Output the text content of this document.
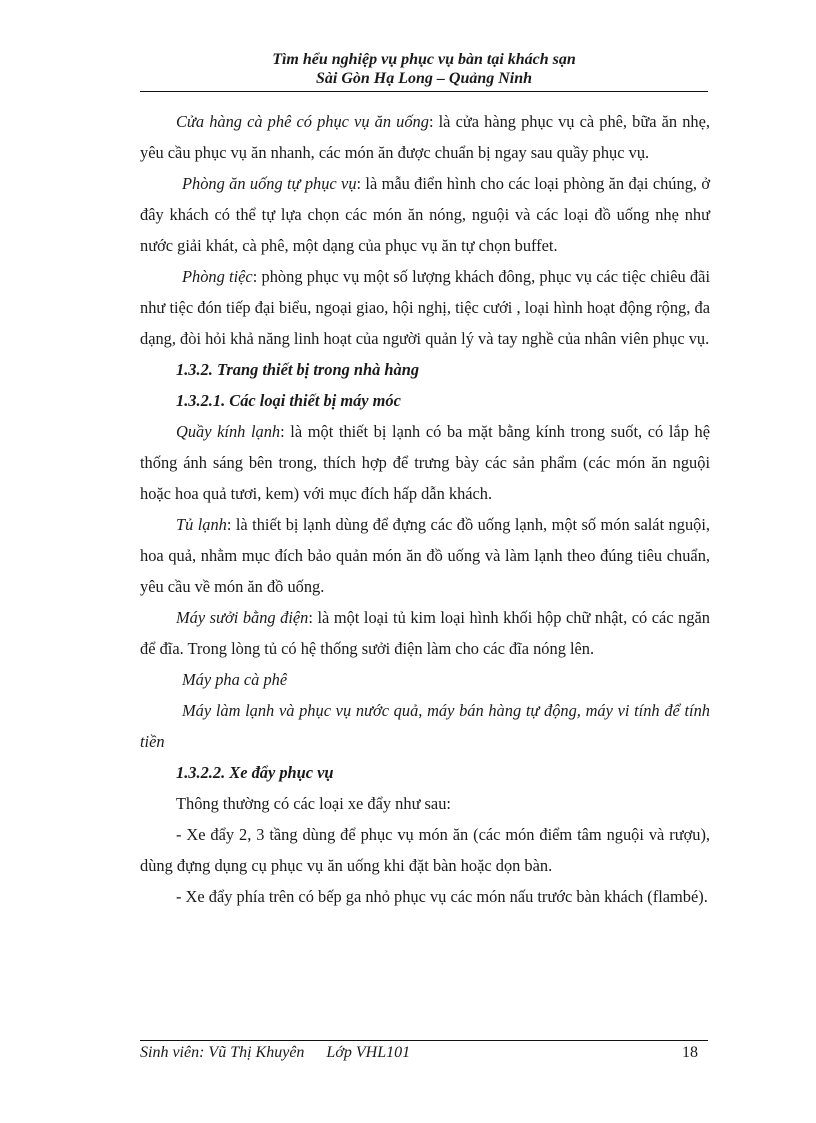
Tìm hểu nghiệp vụ phục vụ bàn tại khách sạn
Sài Gòn Hạ Long – Quảng Ninh

Cửa hàng cà phê có phục vụ ăn uống: là cửa hàng phục vụ cà phê, bữa ăn nhẹ, yêu cầu phục vụ ăn nhanh, các món ăn được chuẩn bị ngay sau quầy phục vụ.

Phòng ăn uống tự phục vụ: là mẫu điển hình cho các loại phòng ăn đại chúng, ở đây khách có thể tự lựa chọn các món ăn nóng, nguội và các loại đồ uống nhẹ như nước giải khát, cà phê, một dạng của phục vụ ăn tự chọn buffet.

Phòng tiệc: phòng phục vụ một số lượng khách đông, phục vụ các tiệc chiêu đãi như tiệc đón tiếp đại biểu, ngoại giao, hội nghị, tiệc cưới , loại hình hoạt động rộng, đa dạng, đòi hỏi khả năng linh hoạt của người quản lý và tay nghề của nhân viên phục vụ.

1.3.2. Trang thiết bị trong nhà hàng

1.3.2.1. Các loại thiết bị máy móc

Quầy kính lạnh: là một thiết bị lạnh có ba mặt bằng kính trong suốt, có lắp hệ thống ánh sáng bên trong, thích hợp để trưng bày các sản phẩm (các món ăn nguội hoặc hoa quả tươi, kem) với mục đích hấp dẫn khách.

Tủ lạnh: là thiết bị lạnh dùng để đựng các đồ uống lạnh, một số món salát nguội, hoa quả, nhằm mục đích bảo quản món ăn đồ uống và làm lạnh theo đúng tiêu chuẩn, yêu cầu về món ăn đồ uống.

Máy sưởi bằng điện: là một loại tủ kim loại hình khối hộp chữ nhật, có các ngăn để đĩa. Trong lòng tủ có hệ thống sưởi điện làm cho các đĩa nóng lên.

Máy pha cà phê

Máy làm lạnh và phục vụ nước quả, máy bán hàng tự động, máy vi tính để tính tiền

1.3.2.2. Xe đẩy phục vụ

Thông thường có các loại xe đẩy như sau:

- Xe đẩy 2, 3 tầng dùng để phục vụ món ăn (các món điểm tâm nguội và rượu), dùng đựng dụng cụ phục vụ ăn uống khi đặt bàn hoặc dọn bàn.

- Xe đẩy phía trên có bếp ga nhỏ phục vụ các món nấu trước bàn khách (flambé).

Sinh viên: Vũ Thị Khuyên Lớp VHL101	18
